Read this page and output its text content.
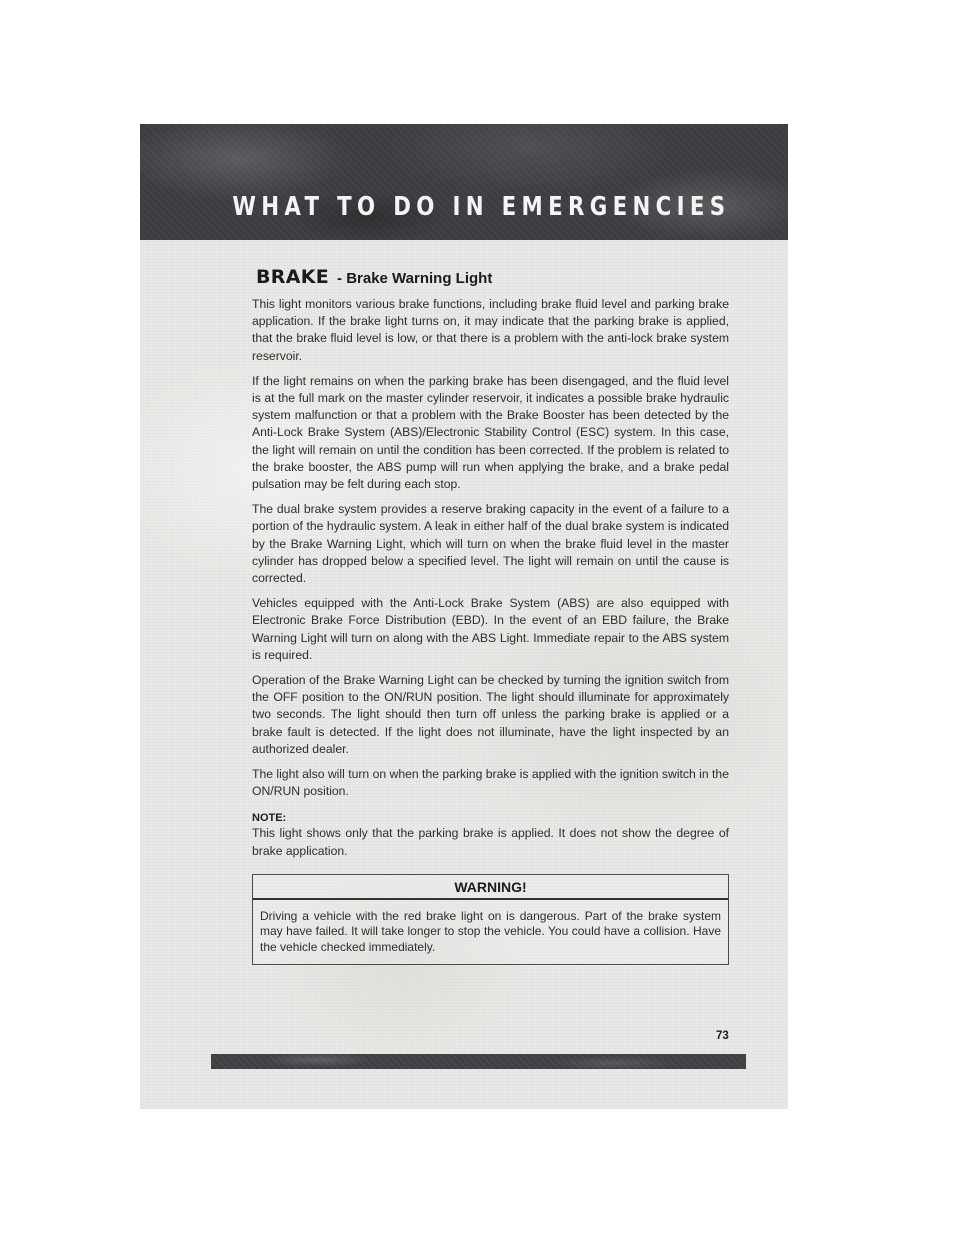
WHAT TO DO IN EMERGENCIES
BRAKE - Brake Warning Light

This light monitors various brake functions, including brake fluid level and parking brake application. If the brake light turns on, it may indicate that the parking brake is applied, that the brake fluid level is low, or that there is a problem with the anti-lock brake system reservoir.

If the light remains on when the parking brake has been disengaged, and the fluid level is at the full mark on the master cylinder reservoir, it indicates a possible brake hydraulic system malfunction or that a problem with the Brake Booster has been detected by the Anti-Lock Brake System (ABS)/Electronic Stability Control (ESC) system. In this case, the light will remain on until the condition has been corrected. If the problem is related to the brake booster, the ABS pump will run when applying the brake, and a brake pedal pulsation may be felt during each stop.

The dual brake system provides a reserve braking capacity in the event of a failure to a portion of the hydraulic system. A leak in either half of the dual brake system is indicated by the Brake Warning Light, which will turn on when the brake fluid level in the master cylinder has dropped below a specified level. The light will remain on until the cause is corrected.

Vehicles equipped with the Anti-Lock Brake System (ABS) are also equipped with Electronic Brake Force Distribution (EBD). In the event of an EBD failure, the Brake Warning Light will turn on along with the ABS Light. Immediate repair to the ABS system is required.

Operation of the Brake Warning Light can be checked by turning the ignition switch from the OFF position to the ON/RUN position. The light should illuminate for approximately two seconds. The light should then turn off unless the parking brake is applied or a brake fault is detected. If the light does not illuminate, have the light inspected by an authorized dealer.

The light also will turn on when the parking brake is applied with the ignition switch in the ON/RUN position.

NOTE:

This light shows only that the parking brake is applied. It does not show the degree of brake application.

WARNING!

Driving a vehicle with the red brake light on is dangerous. Part of the brake system may have failed. It will take longer to stop the vehicle. You could have a collision. Have the vehicle checked immediately.

73
